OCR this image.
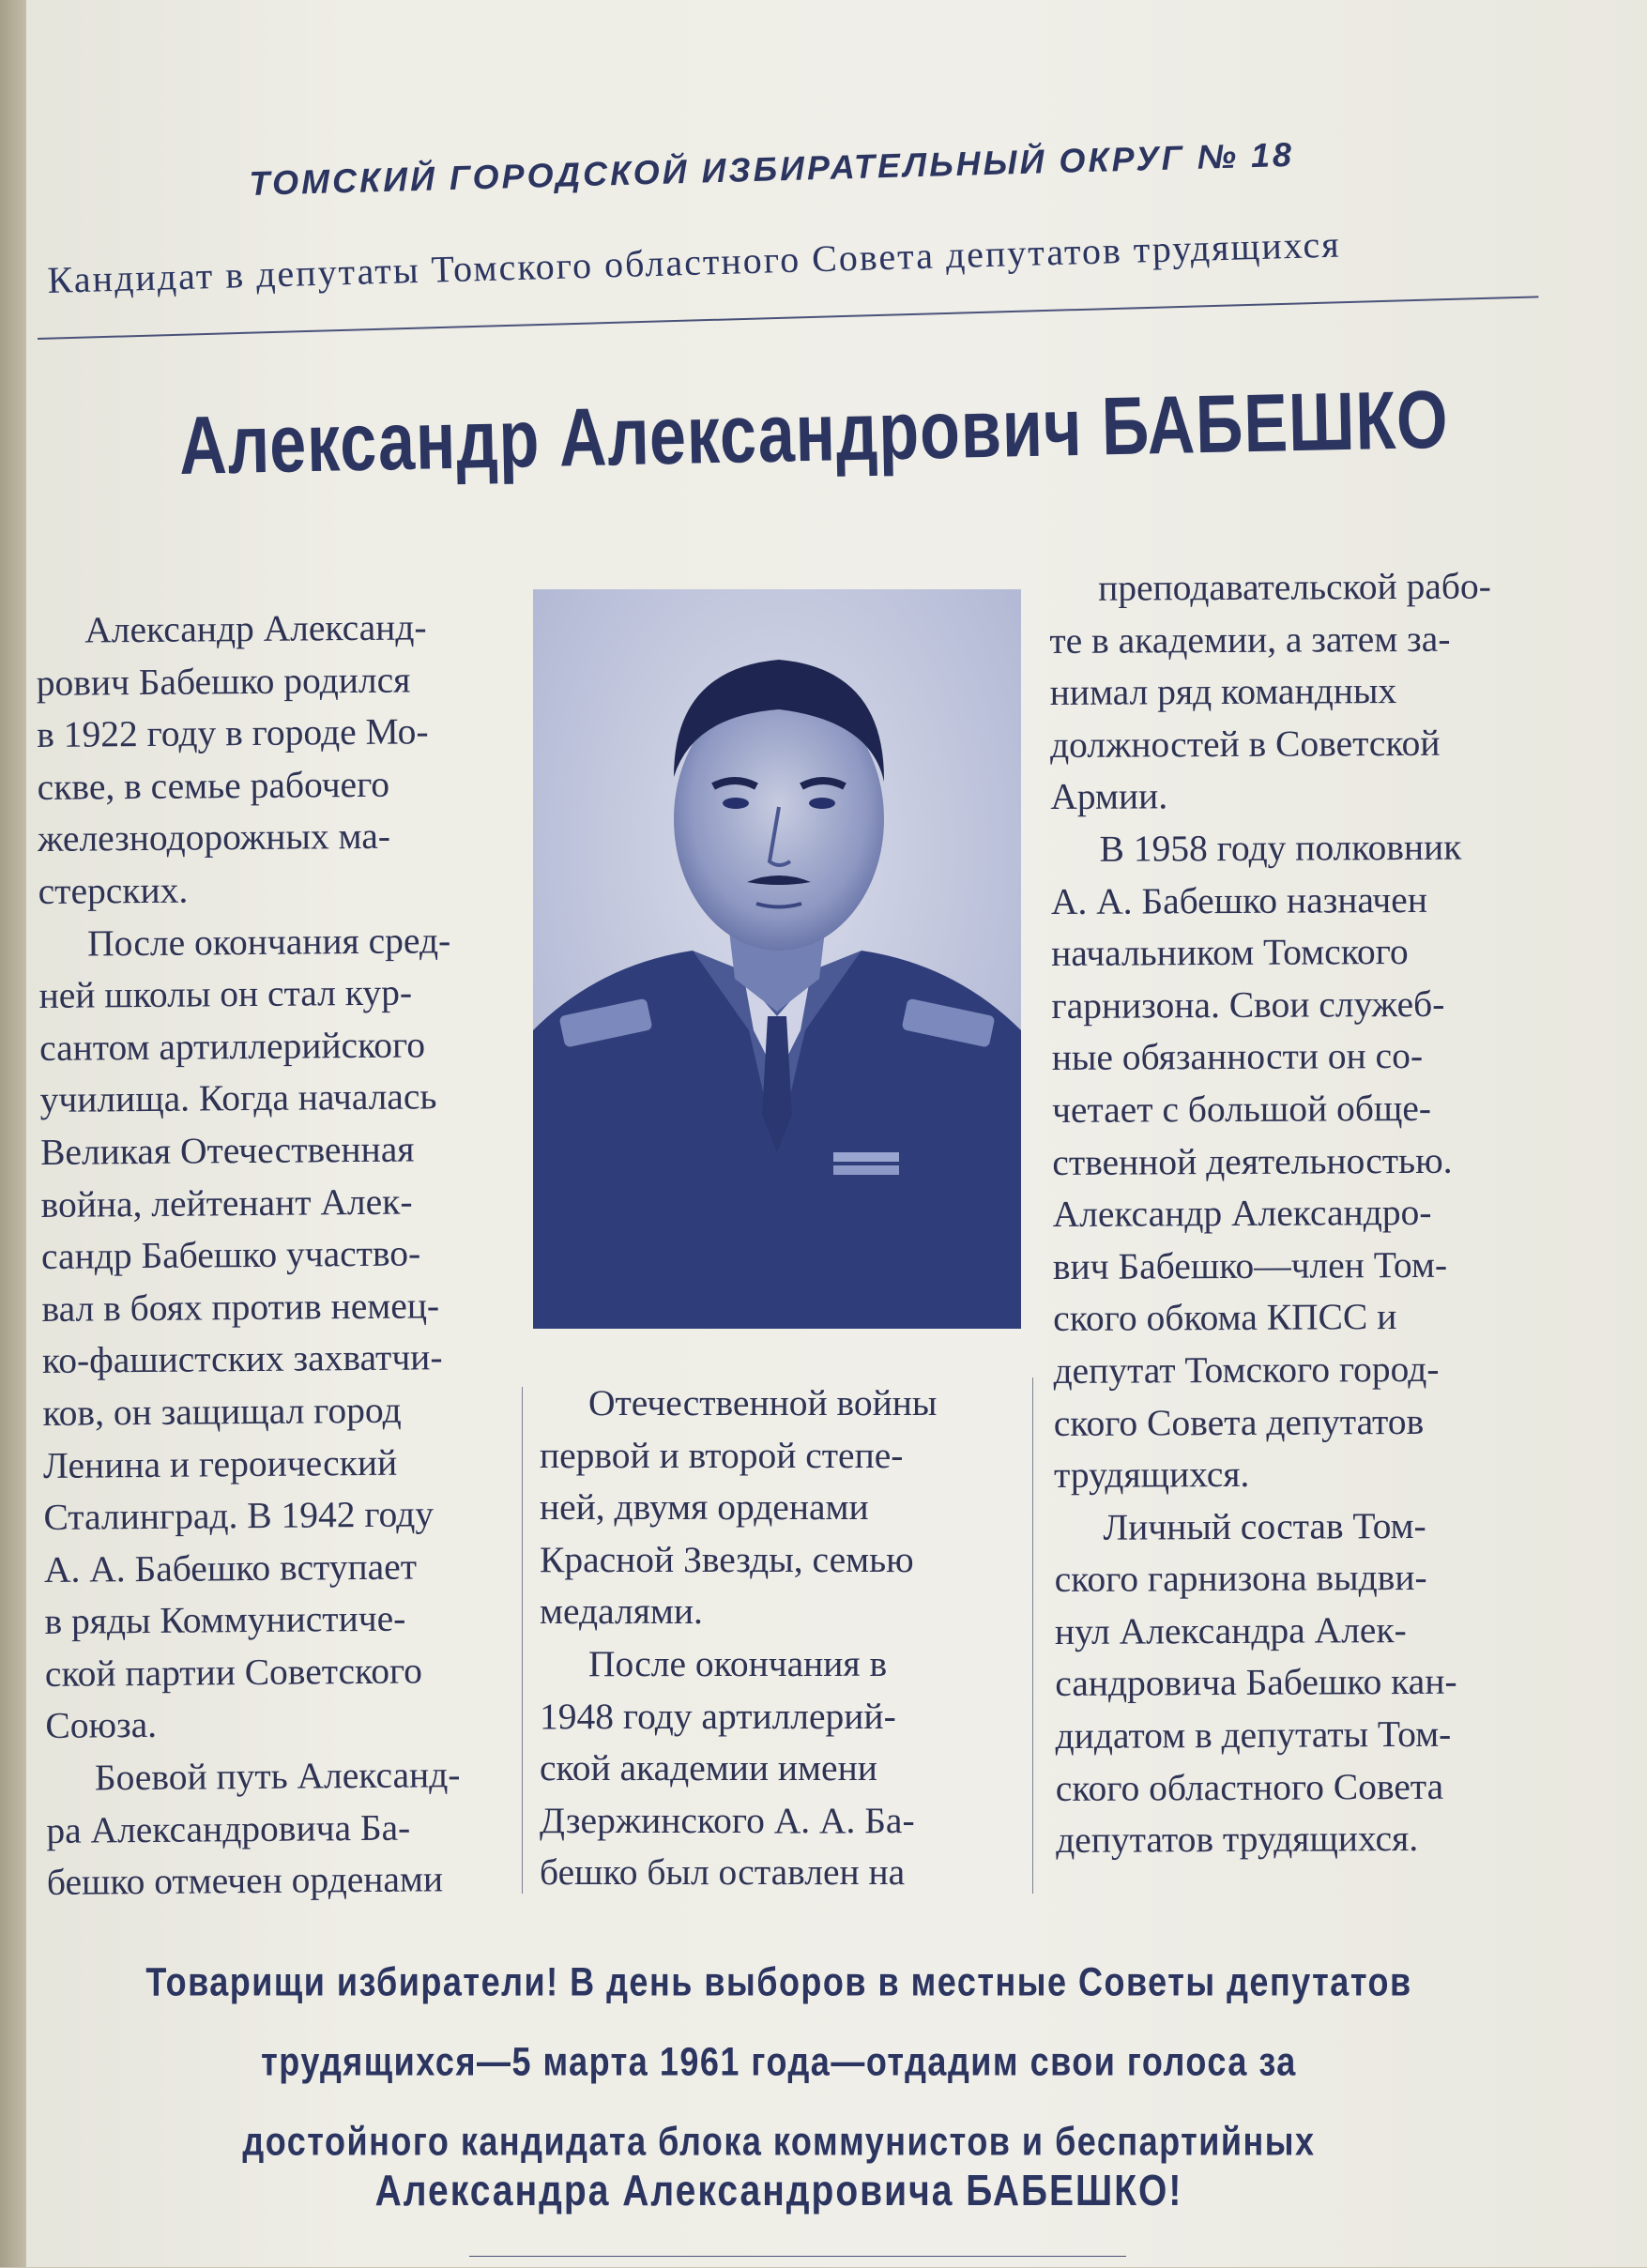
ТОМСКИЙ ГОРОДСКОЙ ИЗБИРАТЕЛЬНЫЙ ОКРУГ № 18
Кандидат в депутаты Томского областного Совета депутатов трудящихся
Александр Александрович БАБЕШКО

Александр Александ-
рович Бабешко родился
в 1922 году в городе Мо-
скве, в семье рабочего
железнодорожных ма-
стерских.

После окончания сред-
ней школы он стал кур-
сантом артиллерийского
училища. Когда началась
Великая Отечественная
война, лейтенант Алек-
сандр Бабешко участво-
вал в боях против немец-
ко-фашистских захватчи-
ков, он защищал город
Ленина и героический
Сталинград. В 1942 году
А. А. Бабешко вступает
в ряды Коммунистиче-
ской партии Советского
Союза.

Боевой путь Александ-
ра Александровича Ба-
бешко отмечен орденами

Отечественной войны
первой и второй степе-
ней, двумя орденами
Красной Звезды, семью
медалями.

После окончания в
1948 году артиллерий-
ской академии имени
Дзержинского А. А. Ба-
бешко был оставлен на

преподавательской рабо-
те в академии, а затем за-
нимал ряд командных
должностей в Советской
Армии.

В 1958 году полковник
А. А. Бабешко назначен
начальником Томского
гарнизона. Свои служеб-
ные обязанности он со-
четает с большой обще-
ственной деятельностью.
Александр Александро-
вич Бабешко—член Том-
ского обкома КПСС и
депутат Томского город-
ского Совета депутатов
трудящихся.

Личный состав Том-
ского гарнизона выдви-
нул Александра Алек-
сандровича Бабешко кан-
дидатом в депутаты Том-
ского областного Совета
депутатов трудящихся.

Товарищи избиратели! В день выборов в местные Советы депутатов
трудящихся—5 марта 1961 года—отдадим свои голоса за
достойного кандидата блока коммунистов и беспартийных
Александра Александровича БАБЕШКО!
